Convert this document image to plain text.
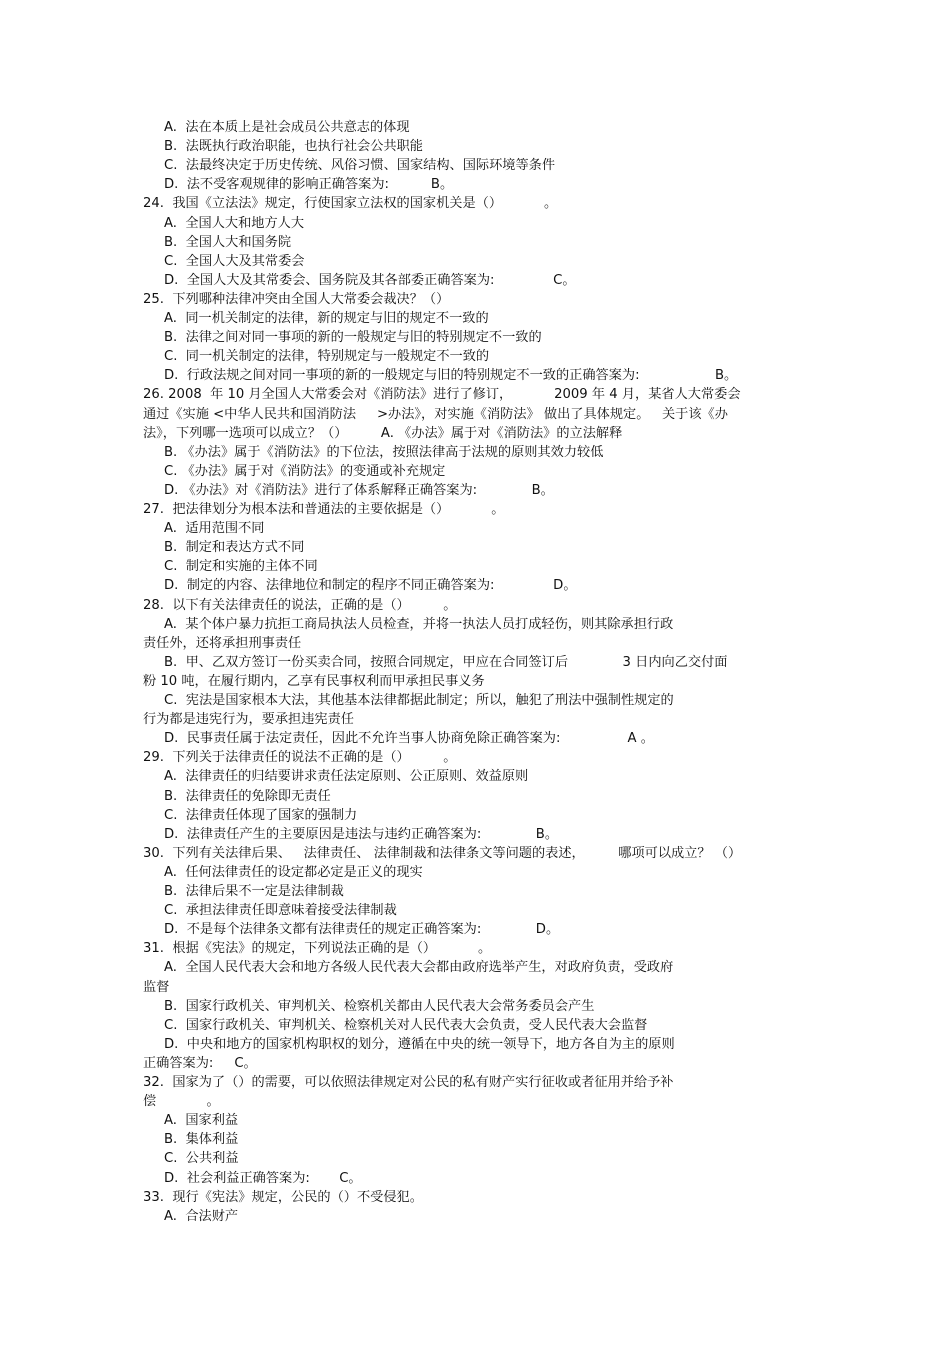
A.  法在本质上是社会成员公共意志的体现
B.  法既执行政治职能，也执行社会公共职能
C.  法最终决定于历史传统、风俗习惯、国家结构、国际环境等条件
D.  法不受客观规律的影响正确答案为:          B。
24.  我国《立法法》规定，行使国家立法权的国家机关是（）          。
A.  全国人大和地方人大
B.  全国人大和国务院
C.  全国人大及其常委会
D.  全国人大及其常委会、国务院及其各部委正确答案为:              C。
25.  下列哪种法律冲突由全国人大常委会裁决？（）
A.  同一机关制定的法律，新的规定与旧的规定不一致的
B.  法律之间对同一事项的新的一般规定与旧的特别规定不一致的
C.  同一机关制定的法律，特别规定与一般规定不一致的
D.  行政法规之间对同一事项的新的一般规定与旧的特别规定不一致的正确答案为:                  B。
26. 2008  年 10 月全国人大常委会对《消防法》进行了修订，          2009 年 4 月，某省人大常委会
通过《实施 <中华人民共和国消防法     >办法》，对实施《消防法》 做出了具体规定。   关于该《办
法》，下列哪一选项可以成立？（）        A. 《办法》属于对《消防法》的立法解释
B. 《办法》属于《消防法》的下位法，按照法律高于法规的原则其效力较低
C. 《办法》属于对《消防法》的变通或补充规定
D. 《办法》对《消防法》进行了体系解释正确答案为:             B。
27.  把法律划分为根本法和普通法的主要依据是（）          。
A.  适用范围不同
B.  制定和表达方式不同
C.  制定和实施的主体不同
D.  制定的内容、法律地位和制定的程序不同正确答案为:              D。
28.  以下有关法律责任的说法，正确的是（）        。
A.  某个体户暴力抗拒工商局执法人员检查，并将一执法人员打成轻伤，则其除承担行政
责任外，还将承担刑事责任
B.  甲、乙双方签订一份买卖合同，按照合同规定，甲应在合同签订后             3 日内向乙交付面
粉 10 吨，在履行期内，乙享有民事权利而甲承担民事义务
C.  宪法是国家根本大法，其他基本法律都据此制定；所以，触犯了刑法中强制性规定的
行为都是违宪行为，要承担违宪责任
D.  民事责任属于法定责任，因此不允许当事人协商免除正确答案为:                A 。
29.  下列关于法律责任的说法不正确的是（）        。
A.  法律责任的归结要讲求责任法定原则、公正原则、效益原则
B.  法律责任的免除即无责任
C.  法律责任体现了国家的强制力
D.  法律责任产生的主要原因是违法与违约正确答案为:             B。
30.  下列有关法律后果、   法律责任、 法律制裁和法律条文等问题的表述，        哪项可以成立？ （）
A.  任何法律责任的设定都必定是正义的现实
B.  法律后果不一定是法律制裁
C.  承担法律责任即意味着接受法律制裁
D.  不是每个法律条文都有法律责任的规定正确答案为:             D。
31.  根据《宪法》的规定，下列说法正确的是（）          。
A.  全国人民代表大会和地方各级人民代表大会都由政府选举产生，对政府负责，受政府
监督
B.  国家行政机关、审判机关、检察机关都由人民代表大会常务委员会产生
C.  国家行政机关、审判机关、检察机关对人民代表大会负责，受人民代表大会监督
D.  中央和地方的国家机构职权的划分，遵循在中央的统一领导下，地方各自为主的原则
正确答案为:     C。
32.  国家为了（）的需要，可以依照法律规定对公民的私有财产实行征收或者征用并给予补
偿            。
A.  国家利益
B.  集体利益
C.  公共利益
D.  社会利益正确答案为:       C。
33.  现行《宪法》规定，公民的（）不受侵犯。
A.  合法财产
